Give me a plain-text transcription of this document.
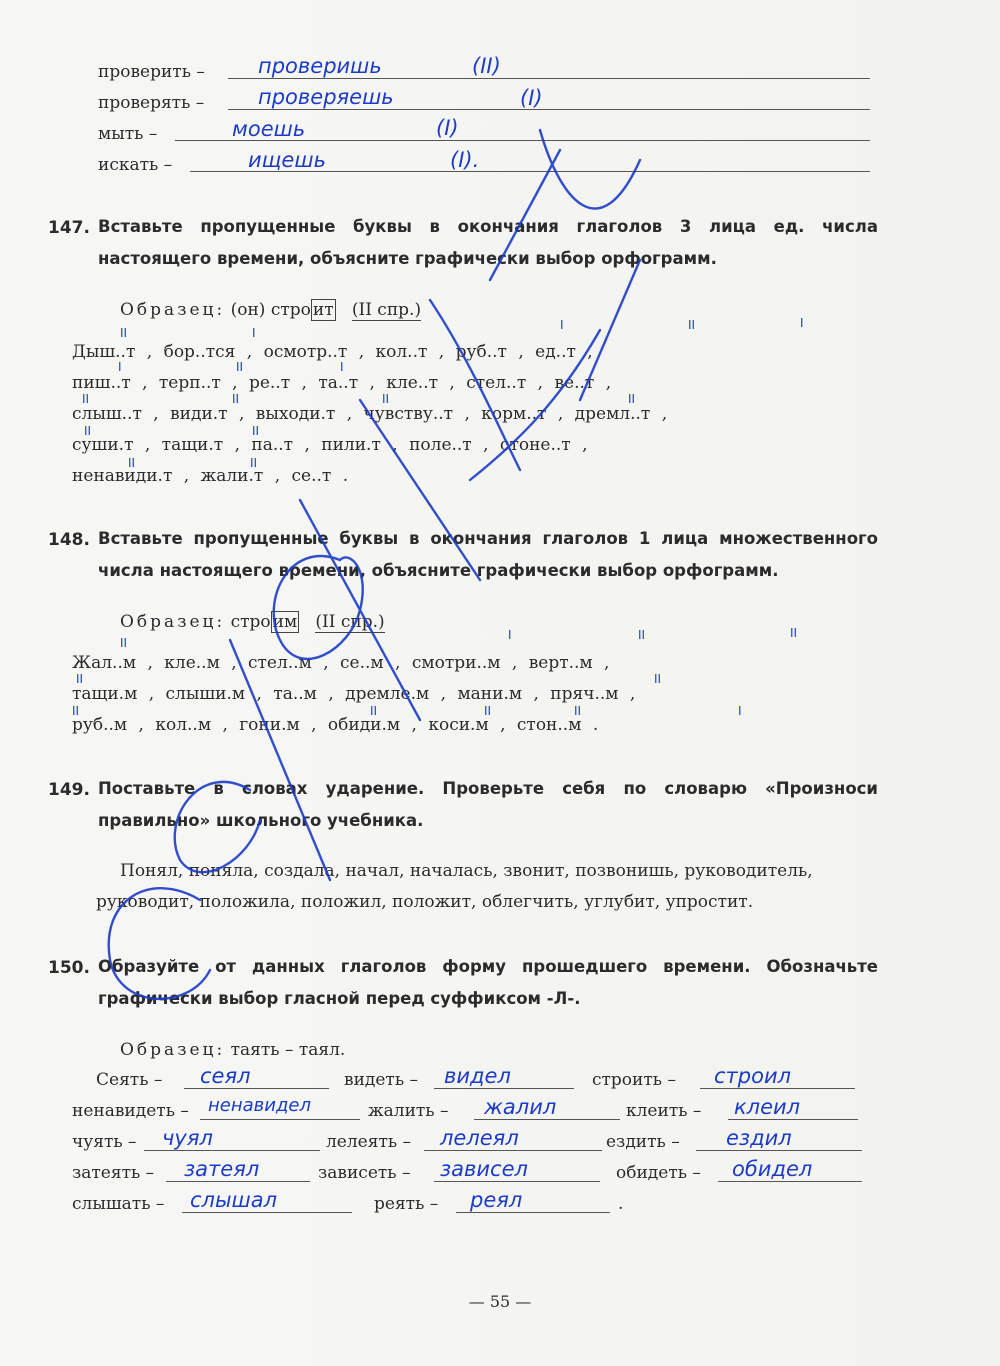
проверить –	проверишь	(II)
проверять –	проверяешь	(I)
мыть –	моешь	(I)
искать –	ищешь	(I).
147. Вставьте пропущенные буквы в окончания глаголов 3 лица ед. числа настоящего времени, объясните графически выбор орфограмм.
Образец: (он) стро ит (II спр.)
Дыш..т , бор..тся , осмотр..т , кол..т , руб..т , ед..т ,
пиш..т , терп..т , ре..т , та..т , кле..т , стел..т , ве..т ,
слыш..т , види.т , выходи.т , чувству..т , корм..т , дремл..т ,
суши.т , тащи.т , па..т , пили.т , поле..т , стоне..т ,
ненавиди.т , жали.т , се..т .
148. Вставьте пропущенные буквы в окончания глаголов 1 лица множественного числа настоящего времени, объясните графически выбор орфограмм.
Образец: стро им (II спр.)
Жал..м , кле..м , стел..м , се..м , смотри..м , верт..м ,
тащи.м , слыши.м , та..м , дремле.м , мани.м , пряч..м ,
руб..м , кол..м , гони.м , обиди.м , коси.м , стон..м .
149. Поставьте в словах ударение. Проверьте себя по словарю «Произноси правильно» школьного учебника.
Понял, поняла, создала, начал, началась, звонит, позвонишь, руководитель,
руководит, положила, положил, положит, облегчить, углубит, упростит.
150. Образуйте от данных глаголов форму прошедшего времени. Обозначьте графически выбор гласной перед суффиксом -Л-.
Образец: таять – таял.
Сеять – сеял	видеть – видел	строить – строил
ненавидеть – ненавидел	жалить – жалил	клеить – клеил
чуять – чуял	лелеять – лелеял	ездить – ездил
затеять – затеял	зависеть – зависел	обидеть – обидел
слышать – слышал	реять – реял	.
— 55 —
II	I
I	II	I
I	II	I
II	II	II	II
II	II
II	II
II
I	II	II
II	II
II	II	II	II	I
